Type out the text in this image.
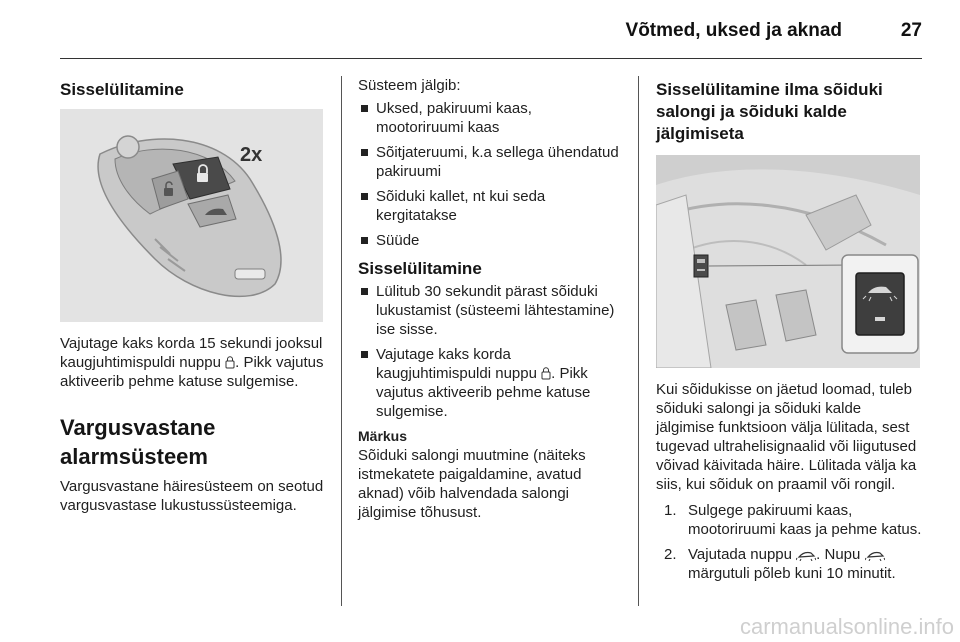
Võtmed, uksed ja aknad	27
Sisselülitamine
2x

Vajutage kaks korda 15 sekundi jooksul kaugjuhtimispuldi nuppu . Pikk vajutus aktiveerib pehme katuse sulgemise.

Vargusvastane alarmsüsteem

Vargusvastane häiresüsteem on seotud vargusvastase lukustussüsteemiga.

Süsteem jälgib:

Uksed, pakiruumi kaas, mootoriruumi kaas
Sõitjateruumi, k.a sellega ühendatud pakiruumi
Sõiduki kallet, nt kui seda kergitatakse
Süüde
Sisselülitamine
Lülitub 30 sekundit pärast sõiduki lukustamist (süsteemi lähtestamine) ise sisse.
Vajutage kaks korda kaugjuhtimispuldi nuppu . Pikk vajutus aktiveerib pehme katuse sulgemise.
Märkus

Sõiduki salongi muutmine (näiteks istmekatete paigaldamine, avatud aknad) võib halvendada salongi jälgimise tõhusust.

Sisselülitamine ilma sõiduki salongi ja sõiduki kalde jälgimiseta

Kui sõidukisse on jäetud loomad, tuleb sõiduki salongi ja sõiduki kalde jälgimise funktsioon välja lülitada, sest tugevad ultrahelisignaalid või liigutused võivad käivitada häire. Lülitada välja ka siis, kui sõiduk on praamil või rongil.

1. Sulgege pakiruumi kaas, mootoriruumi kaas ja pehme katus.
2. Vajutada nuppu . Nupu  märgutuli põleb kuni 10 minutit.
carmanualsonline.info
